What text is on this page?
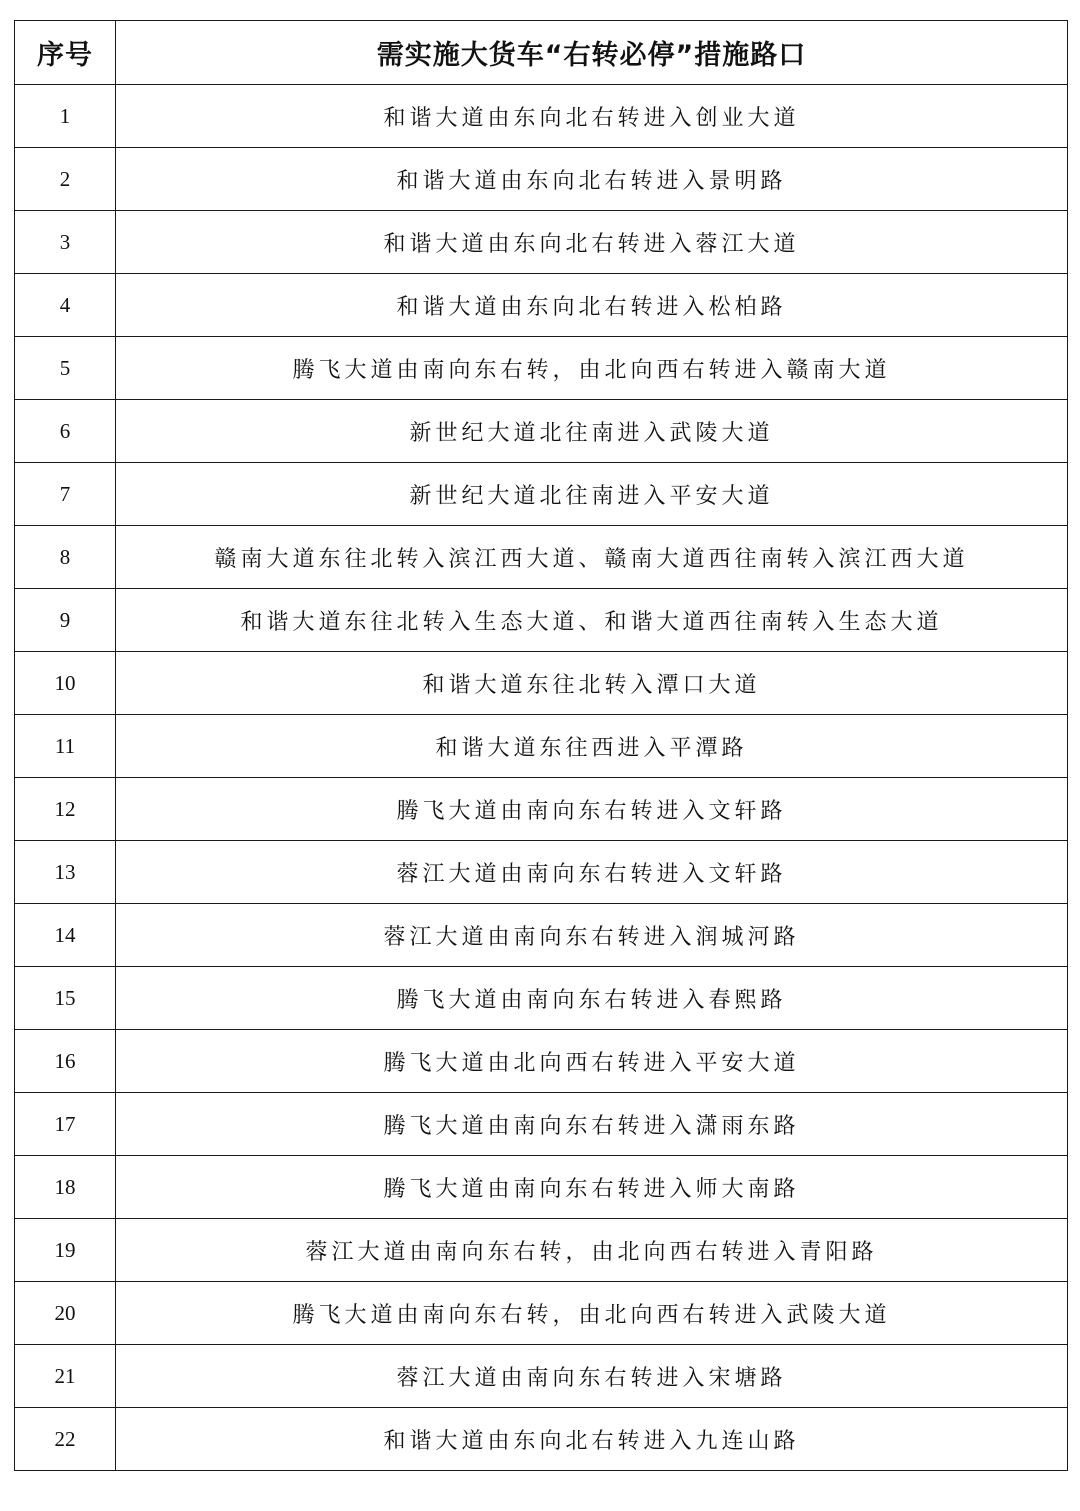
序号	需实施大货车“右转必停”措施路口
1	和谐大道由东向北右转进入创业大道
2	和谐大道由东向北右转进入景明路
3	和谐大道由东向北右转进入蓉江大道
4	和谐大道由东向北右转进入松柏路
5	腾飞大道由南向东右转，由北向西右转进入赣南大道
6	新世纪大道北往南进入武陵大道
7	新世纪大道北往南进入平安大道
8	赣南大道东往北转入滨江西大道、赣南大道西往南转入滨江西大道
9	和谐大道东往北转入生态大道、和谐大道西往南转入生态大道
10	和谐大道东往北转入潭口大道
11	和谐大道东往西进入平潭路
12	腾飞大道由南向东右转进入文轩路
13	蓉江大道由南向东右转进入文轩路
14	蓉江大道由南向东右转进入润城河路
15	腾飞大道由南向东右转进入春熙路
16	腾飞大道由北向西右转进入平安大道
17	腾飞大道由南向东右转进入潇雨东路
18	腾飞大道由南向东右转进入师大南路
19	蓉江大道由南向东右转，由北向西右转进入青阳路
20	腾飞大道由南向东右转，由北向西右转进入武陵大道
21	蓉江大道由南向东右转进入宋塘路
22	和谐大道由东向北右转进入九连山路
